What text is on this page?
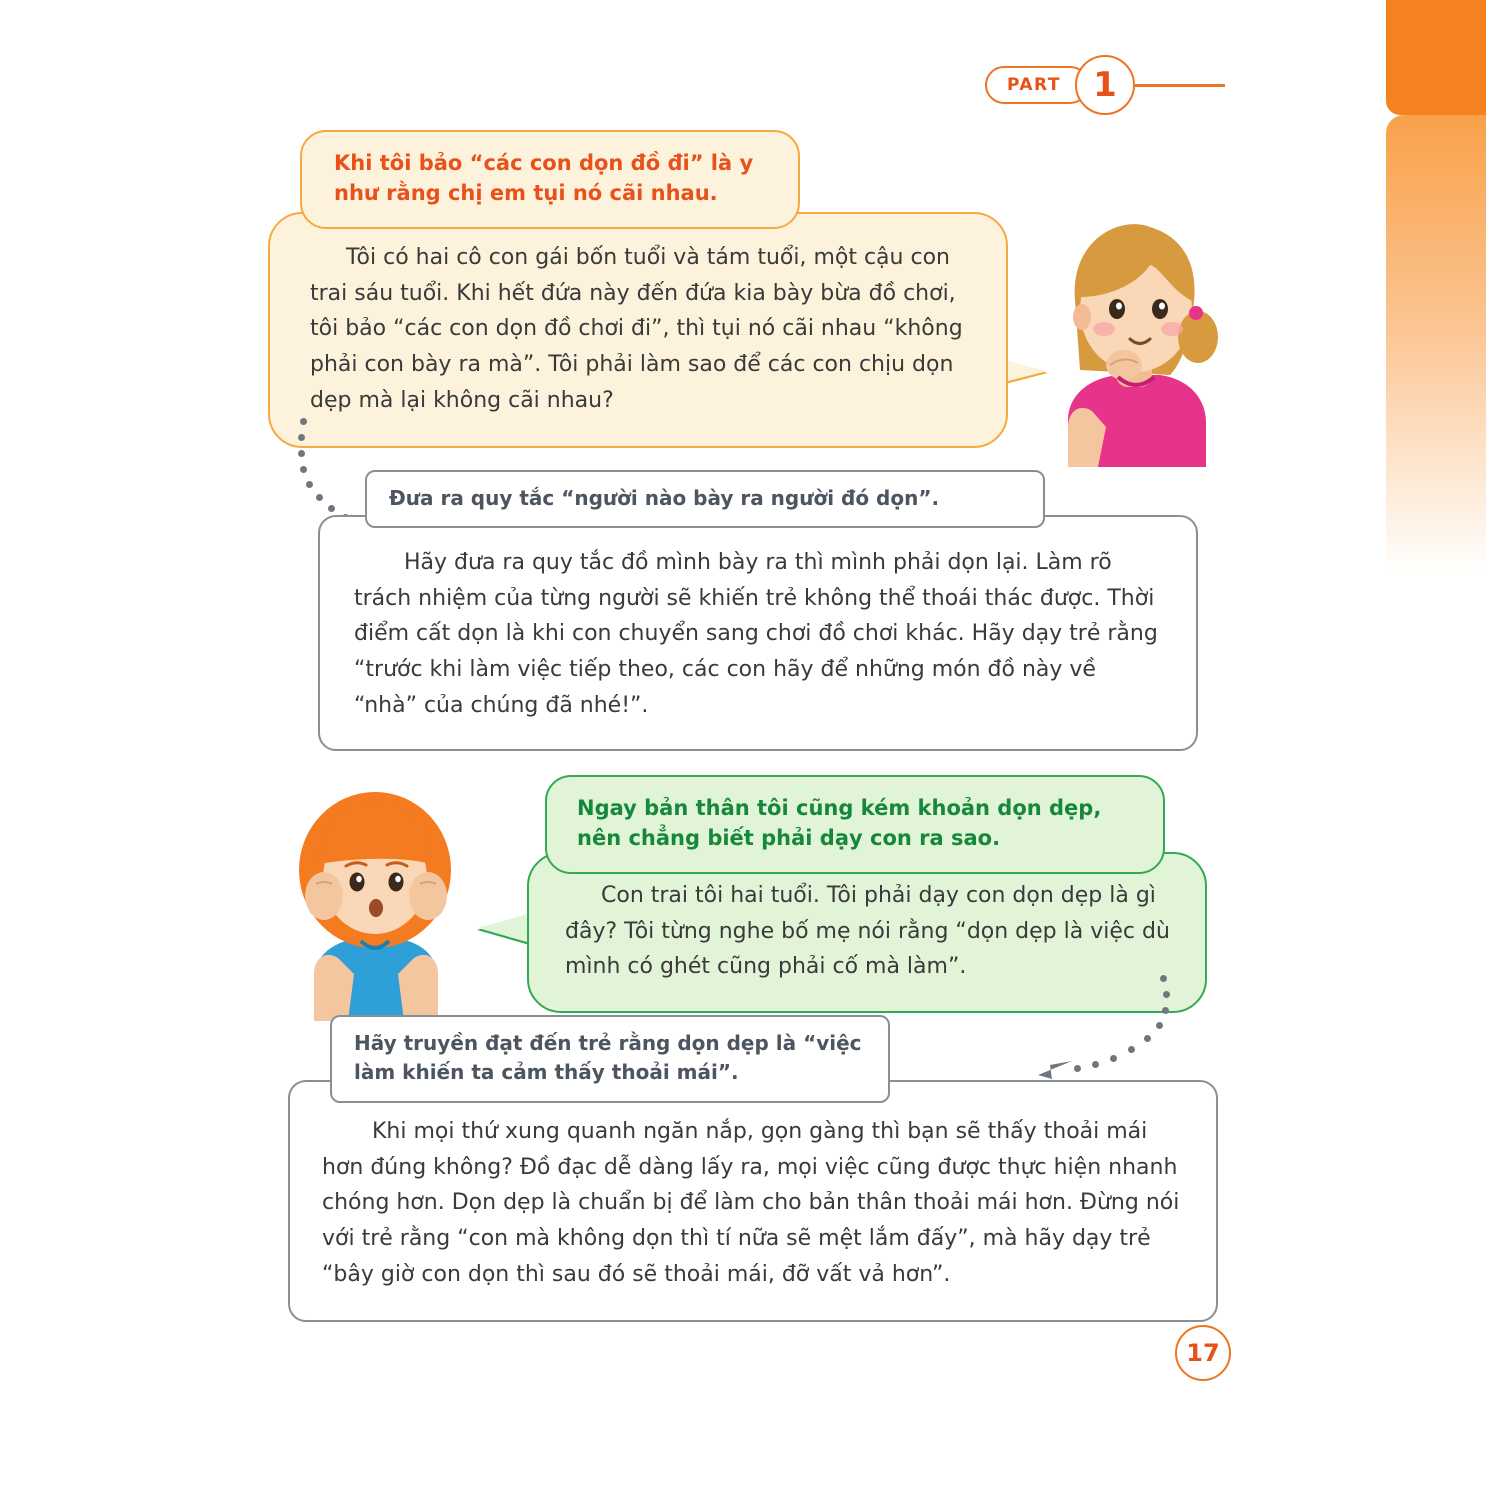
PART 1

Tôi có hai cô con gái bốn tuổi và tám tuổi, một cậu con trai sáu tuổi. Khi hết đứa này đến đứa kia bày bừa đồ chơi, tôi bảo “các con dọn đồ chơi đi”, thì tụi nó cãi nhau “không phải con bày ra mà”. Tôi phải làm sao để các con chịu dọn dẹp mà lại không cãi nhau?

Khi tôi bảo “các con dọn đồ đi” là y như rằng chị em tụi nó cãi nhau.

Hãy đưa ra quy tắc đồ mình bày ra thì mình phải dọn lại. Làm rõ trách nhiệm của từng người sẽ khiến trẻ không thể thoái thác được. Thời điểm cất dọn là khi con chuyển sang chơi đồ chơi khác. Hãy dạy trẻ rằng “trước khi làm việc tiếp theo, các con hãy để những món đồ này về “nhà” của chúng đã nhé!”.

Đưa ra quy tắc “người nào bày ra người đó dọn”.

Con trai tôi hai tuổi. Tôi phải dạy con dọn dẹp là gì đây? Tôi từng nghe bố mẹ nói rằng “dọn dẹp là việc dù mình có ghét cũng phải cố mà làm”.

Ngay bản thân tôi cũng kém khoản dọn dẹp, nên chẳng biết phải dạy con ra sao.

Khi mọi thứ xung quanh ngăn nắp, gọn gàng thì bạn sẽ thấy thoải mái hơn đúng không? Đồ đạc dễ dàng lấy ra, mọi việc cũng được thực hiện nhanh chóng hơn. Dọn dẹp là chuẩn bị để làm cho bản thân thoải mái hơn. Đừng nói với trẻ rằng “con mà không dọn thì tí nữa sẽ mệt lắm đấy”, mà hãy dạy trẻ “bây giờ con dọn thì sau đó sẽ thoải mái, đỡ vất vả hơn”.

Hãy truyền đạt đến trẻ rằng dọn dẹp là “việc làm khiến ta cảm thấy thoải mái”.
17
